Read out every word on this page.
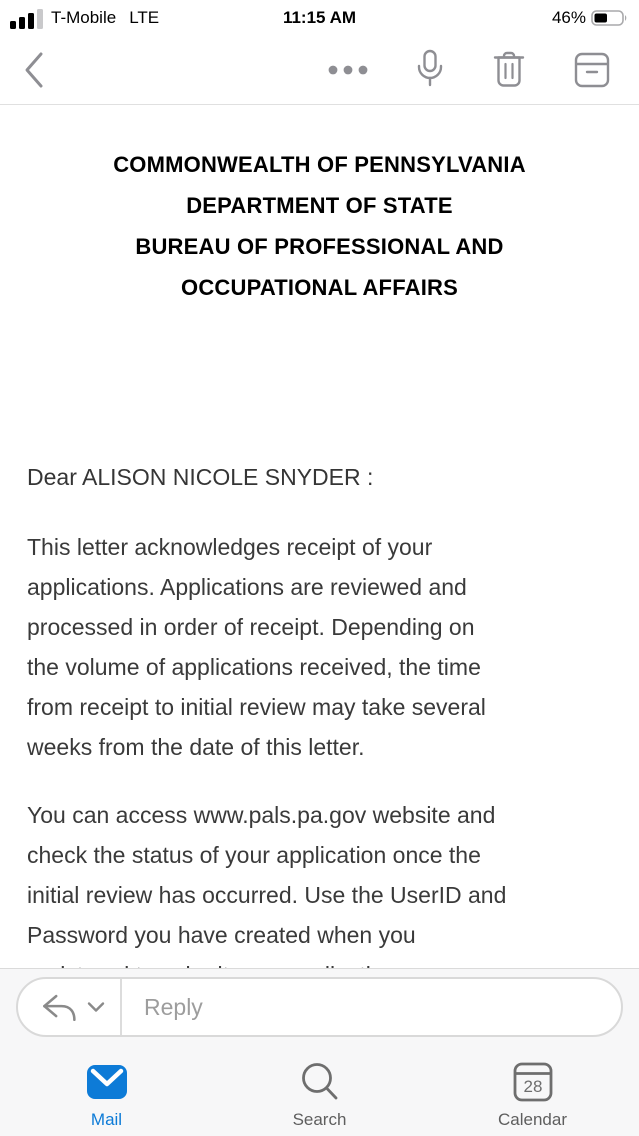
T-Mobile LTE	11:15 AM	46%
COMMONWEALTH OF PENNSYLVANIA
DEPARTMENT OF STATE
BUREAU OF PROFESSIONAL AND
OCCUPATIONAL AFFAIRS
Dear ALISON NICOLE SNYDER :
This letter acknowledges receipt of your
applications. Applications are reviewed and
processed in order of receipt. Depending on
the volume of applications received, the time
from receipt to initial review may take several
weeks from the date of this letter.
You can access www.pals.pa.gov website and
check the status of your application once the
initial review has occurred. Use the UserID and
Password you have created when you
Reply
Mail	Search
28
Calendar
